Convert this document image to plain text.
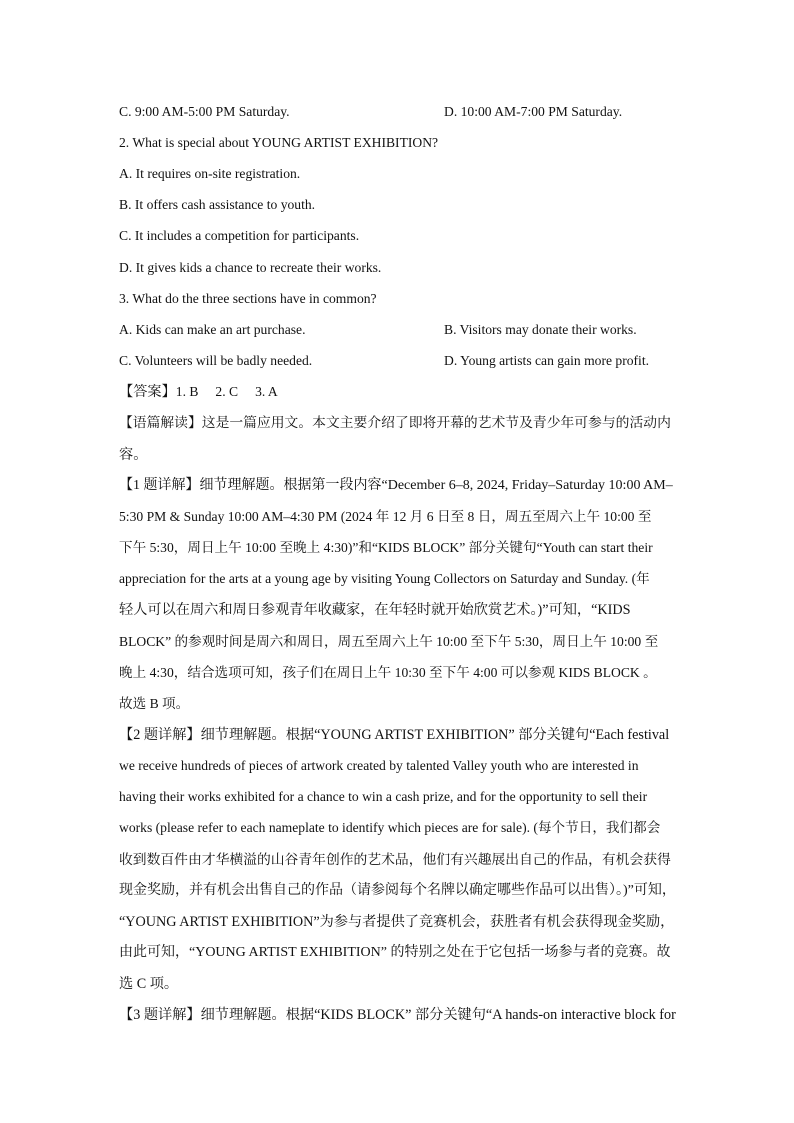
C. 9:00 AM-5:00 PM Saturday.	D. 10:00 AM-7:00 PM Saturday.
2. What is special about YOUNG ARTIST EXHIBITION?
A. It requires on-site registration.
B. It offers cash assistance to youth.
C. It includes a competition for participants.
D. It gives kids a chance to recreate their works.
3. What do the three sections have in common?
A. Kids can make an art purchase.	B. Visitors may donate their works.
C. Volunteers will be badly needed.	D. Young artists can gain more profit.
【答案】1. B     2. C     3. A
【语篇解读】这是一篇应用文。本文主要介绍了即将开幕的艺术节及青少年可参与的活动内
容。
【1 题详解】细节理解题。根据第一段内容“December 6–8, 2024, Friday–Saturday 10:00 AM–
5:30 PM & Sunday 10:00 AM–4:30 PM (2024 年 12 月 6 日至 8 日，周五至周六上午 10:00 至
下午 5:30，周日上午 10:00 至晚上 4:30)”和“KIDS BLOCK” 部分关键句“Youth can start their
appreciation for the arts at a young age by visiting Young Collectors on Saturday and Sunday. (年
轻人可以在周六和周日参观青年收藏家，在年轻时就开始欣赏艺术。)”可知，“KIDS
BLOCK” 的参观时间是周六和周日，周五至周六上午 10:00 至下午 5:30，周日上午 10:00 至
晚上 4:30，结合选项可知，孩子们在周日上午 10:30 至下午 4:00 可以参观 KIDS BLOCK 。
故选 B 项。
【2 题详解】细节理解题。根据“YOUNG ARTIST EXHIBITION” 部分关键句“Each festival
we receive hundreds of pieces of artwork created by talented Valley youth who are interested in
having their works exhibited for a chance to win a cash prize, and for the opportunity to sell their
works (please refer to each nameplate to identify which pieces are for sale). (每个节日，我们都会
收到数百件由才华横溢的山谷青年创作的艺术品，他们有兴趣展出自己的作品，有机会获得
现金奖励，并有机会出售自己的作品（请参阅每个名牌以确定哪些作品可以出售）。)”可知，
“YOUNG ARTIST EXHIBITION”为参与者提供了竞赛机会，获胜者有机会获得现金奖励，
由此可知，“YOUNG ARTIST EXHIBITION” 的特别之处在于它包括一场参与者的竞赛。故
选 C 项。
【3 题详解】细节理解题。根据“KIDS BLOCK” 部分关键句“A hands-on interactive block for
